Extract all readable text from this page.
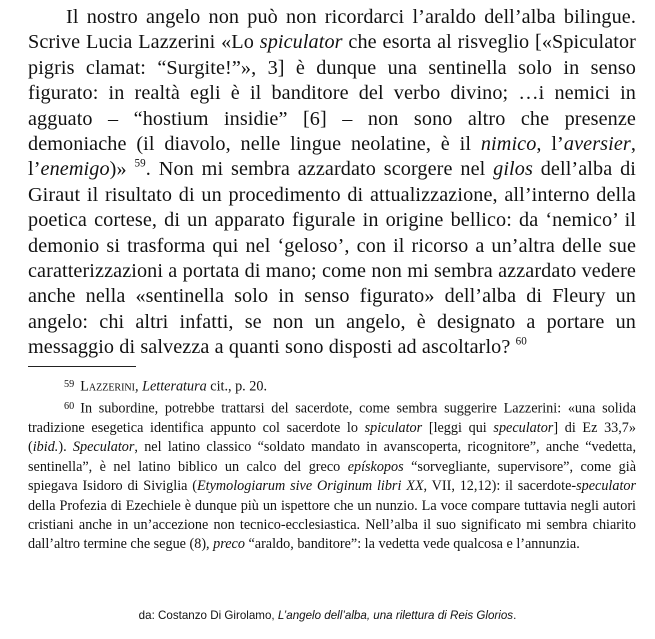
Il nostro angelo non può non ricordarci l’araldo dell’alba bilingue. Scrive Lucia Lazzerini «Lo spiculator che esorta al risveglio [«Spiculator pigris clamat: “Surgite!”», 3] è dunque una sentinella solo in senso figurato: in realtà egli è il banditore del verbo divino; …i nemici in agguato – “hostium insidie” [6] – non sono altro che presenze demoniache (il diavolo, nelle lingue neolatine, è il nimico, l’aversier, l’enemigo)» $^{59}$. Non mi sembra azzardato scorgere nel gilos dell’alba di Giraut il risultato di un procedimento di attualizzazione, all’interno della poetica cortese, di un apparato figurale in origine bellico: da ‘nemico’ il demonio si trasforma qui nel ‘geloso’, con il ricorso a un’altra delle sue caratterizzazioni a portata di mano; come non mi sembra azzardato vedere anche nella «sentinella solo in senso figurato» dell’alba di Fleury un angelo: chi altri infatti, se non un angelo, è designato a portare un messaggio di salvezza a quanti sono disposti ad ascoltarlo? $^{60}$

59 Lazzerini, Letteratura cit., p. 20.

60 In subordine, potrebbe trattarsi del sacerdote, come sembra suggerire Lazzerini: «una solida tradizione esegetica identifica appunto col sacerdote lo spiculator [leggi qui speculator] di Ez 33,7» (ibid.). Speculator, nel latino classico “soldato mandato in avanscoperta, ricognitore”, anche “vedetta, sentinella”, è nel latino biblico un calco del greco epískopos “sorvegliante, supervisore”, come già spiegava Isidoro di Siviglia (Etymologiarum sive Originum libri XX, VII, 12,12): il sacerdote-speculator della Profezia di Ezechiele è dunque più un ispettore che un nunzio. La voce compare tuttavia negli autori cristiani anche in un’accezione non tecnico-ecclesiastica. Nell’alba il suo significato mi sembra chiarito dall’altro termine che segue (8), preco “araldo, banditore”: la vedetta vede qualcosa e l’annunzia.

da: Costanzo Di Girolamo, L’angelo dell’alba, una rilettura di Reis Glorios.
